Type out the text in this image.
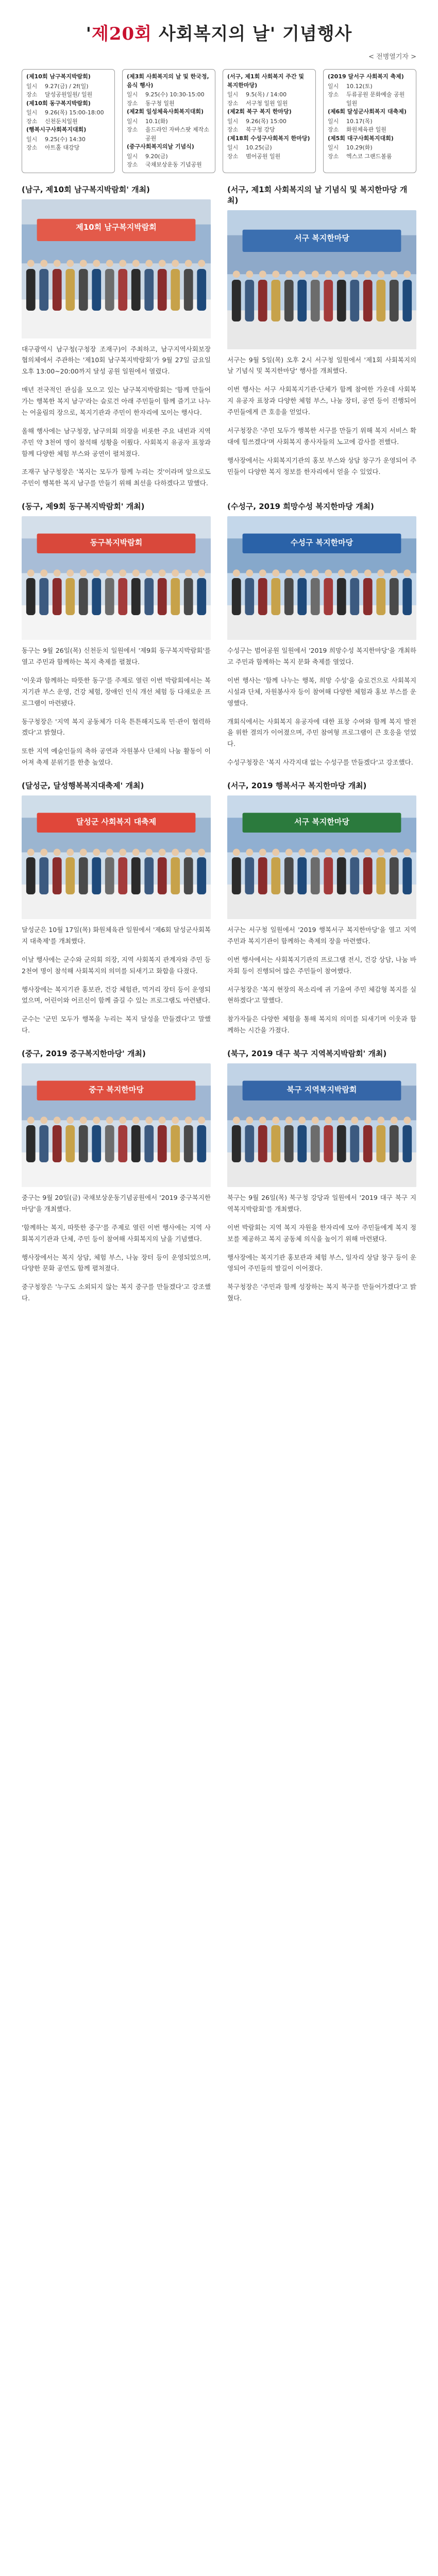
'제20회 사회복지의 날' 기념행사
< 전병열기자 >
(제10회 남구복지박람회)
일시	9.27(금) / 2f(일)
장소	달성공원일원/ 일원
(제10회 동구복지박람회)
일시	9.26(목) 15:00-18:00
장소	신천둔치일원
(행복시구사회복지대회)
일시	9.25(수) 14:30
장소	아트홀 대강당
(제3회 사회복지의 날 및 한국정, 음식 행사)
일시	9.25(수) 10:30-15:00
장소	동구청 일원
(제2회 일성체육사회복지대회)
일시	10.1(화)
장소	을드라인 자바스팟 제작소 공원
(중구사회복지의날 기념식)
일시	9.20(금)
장소	국채보상운동 기념공원
(서구, 제1회 사회복지 주간 및 복지한마당)
일시	9.5(목) / 14:00
장소	서구청 일원 일원
(제2회 북구 복지 한마당)
일시	9.26(목) 15:00
장소	북구청 강당
(제18회 수성구사회복지 한마당)
일시	10.25(금)
장소	범어공원 일원
(2019 달서구 사회복지 축제)
일시	10.12(토)
장소	두류공원 문화예술 공원 일원
(제6회 달성군사회복지 대축제)
일시	10.17(목)
장소	화원체육관 일원
(제5회 대구사회복지대회)
일시	10.29(화)
장소	엑스코 그랜드볼룸
(남구, 제10회 남구복지박람회' 개최)
제10회 남구복지박람회

대구광역시 남구청(구청장 조재구)이 주최하고, 남구지역사회보장협의체에서 주관하는 '제10회 남구복지박람회'가 9월 27일 금요일 오후 13:00~20:00까지 달성 공원 일원에서 열렸다.

매년 전국적인 관심을 모으고 있는 남구복지박람회는 '함께 만들어가는 행복한 복지 남구'라는 슬로건 아래 주민들이 함께 즐기고 나누는 어울림의 장으로, 복지기관과 주민이 한자리에 모이는 행사다.

올해 행사에는 남구청장, 남구의회 의장을 비롯한 주요 내빈과 지역 주민 약 3천여 명이 참석해 성황을 이뤘다. 사회복지 유공자 표창과 함께 다양한 체험 부스와 공연이 펼쳐졌다.

조재구 남구청장은 '복지는 모두가 함께 누리는 것'이라며 앞으로도 주민이 행복한 복지 남구를 만들기 위해 최선을 다하겠다고 말했다.

(서구, 제1회 사회복지의 날 기념식 및 복지한마당 개최)
서구 복지한마당

서구는 9월 5일(목) 오후 2시 서구청 일원에서 '제1회 사회복지의 날 기념식 및 복지한마당' 행사를 개최했다.

이번 행사는 서구 사회복지기관·단체가 함께 참여한 가운데 사회복지 유공자 표창과 다양한 체험 부스, 나눔 장터, 공연 등이 진행되어 주민들에게 큰 호응을 얻었다.

서구청장은 '주민 모두가 행복한 서구를 만들기 위해 복지 서비스 확대에 힘쓰겠다'며 사회복지 종사자들의 노고에 감사를 전했다.

행사장에서는 사회복지기관의 홍보 부스와 상담 창구가 운영되어 주민들이 다양한 복지 정보를 한자리에서 얻을 수 있었다.

(동구, 제9회 동구복지박람회' 개최)
동구복지박람회

동구는 9월 26일(목) 신천둔치 일원에서 '제9회 동구복지박람회'를 열고 주민과 함께하는 복지 축제를 펼쳤다.

'이웃과 함께하는 따뜻한 동구'를 주제로 열린 이번 박람회에서는 복지기관 부스 운영, 건강 체험, 장애인 인식 개선 체험 등 다채로운 프로그램이 마련됐다.

동구청장은 '지역 복지 공동체가 더욱 튼튼해지도록 민·관이 협력하겠다'고 밝혔다.

또한 지역 예술인들의 축하 공연과 자원봉사 단체의 나눔 활동이 이어져 축제 분위기를 한층 높였다.

(수성구, 2019 희망수성 복지한마당 개최)
수성구 복지한마당

수성구는 범어공원 일원에서 '2019 희망수성 복지한마당'을 개최하고 주민과 함께하는 복지 문화 축제를 열었다.

이번 행사는 '함께 나누는 행복, 희망 수성'을 슬로건으로 사회복지시설과 단체, 자원봉사자 등이 참여해 다양한 체험과 홍보 부스를 운영했다.

개회식에서는 사회복지 유공자에 대한 표창 수여와 함께 복지 발전을 위한 결의가 이어졌으며, 주민 참여형 프로그램이 큰 호응을 얻었다.

수성구청장은 '복지 사각지대 없는 수성구를 만들겠다'고 강조했다.

(달성군, 달성행복복지대축제' 개최)
달성군 사회복지 대축제

달성군은 10월 17일(목) 화원체육관 일원에서 '제6회 달성군사회복지 대축제'를 개최했다.

이날 행사에는 군수와 군의회 의장, 지역 사회복지 관계자와 주민 등 2천여 명이 참석해 사회복지의 의미를 되새기고 화합을 다졌다.

행사장에는 복지기관 홍보관, 건강 체험관, 먹거리 장터 등이 운영되었으며, 어린이와 어르신이 함께 즐길 수 있는 프로그램도 마련됐다.

군수는 '군민 모두가 행복을 누리는 복지 달성을 만들겠다'고 말했다.

(서구, 2019 행복서구 복지한마당 개최)
서구 복지한마당

서구는 서구청 일원에서 '2019 행복서구 복지한마당'을 열고 지역 주민과 복지기관이 함께하는 축제의 장을 마련했다.

이번 행사에서는 사회복지기관의 프로그램 전시, 건강 상담, 나눔 바자회 등이 진행되어 많은 주민들이 참여했다.

서구청장은 '복지 현장의 목소리에 귀 기울여 주민 체감형 복지를 실현하겠다'고 말했다.

참가자들은 다양한 체험을 통해 복지의 의미를 되새기며 이웃과 함께하는 시간을 가졌다.

(중구, 2019 중구복지한마당' 개최)
중구 복지한마당

중구는 9월 20일(금) 국채보상운동기념공원에서 '2019 중구복지한마당'을 개최했다.

'함께하는 복지, 따뜻한 중구'를 주제로 열린 이번 행사에는 지역 사회복지기관과 단체, 주민 등이 참여해 사회복지의 날을 기념했다.

행사장에서는 복지 상담, 체험 부스, 나눔 장터 등이 운영되었으며, 다양한 문화 공연도 함께 펼쳐졌다.

중구청장은 '누구도 소외되지 않는 복지 중구를 만들겠다'고 강조했다.

(북구, 2019 대구 북구 지역복지박람회' 개최)
북구 지역복지박람회

북구는 9월 26일(목) 북구청 강당과 일원에서 '2019 대구 북구 지역복지박람회'를 개최했다.

이번 박람회는 지역 복지 자원을 한자리에 모아 주민들에게 복지 정보를 제공하고 복지 공동체 의식을 높이기 위해 마련됐다.

행사장에는 복지기관 홍보관과 체험 부스, 일자리 상담 창구 등이 운영되어 주민들의 발길이 이어졌다.

북구청장은 '주민과 함께 성장하는 복지 북구를 만들어가겠다'고 밝혔다.
